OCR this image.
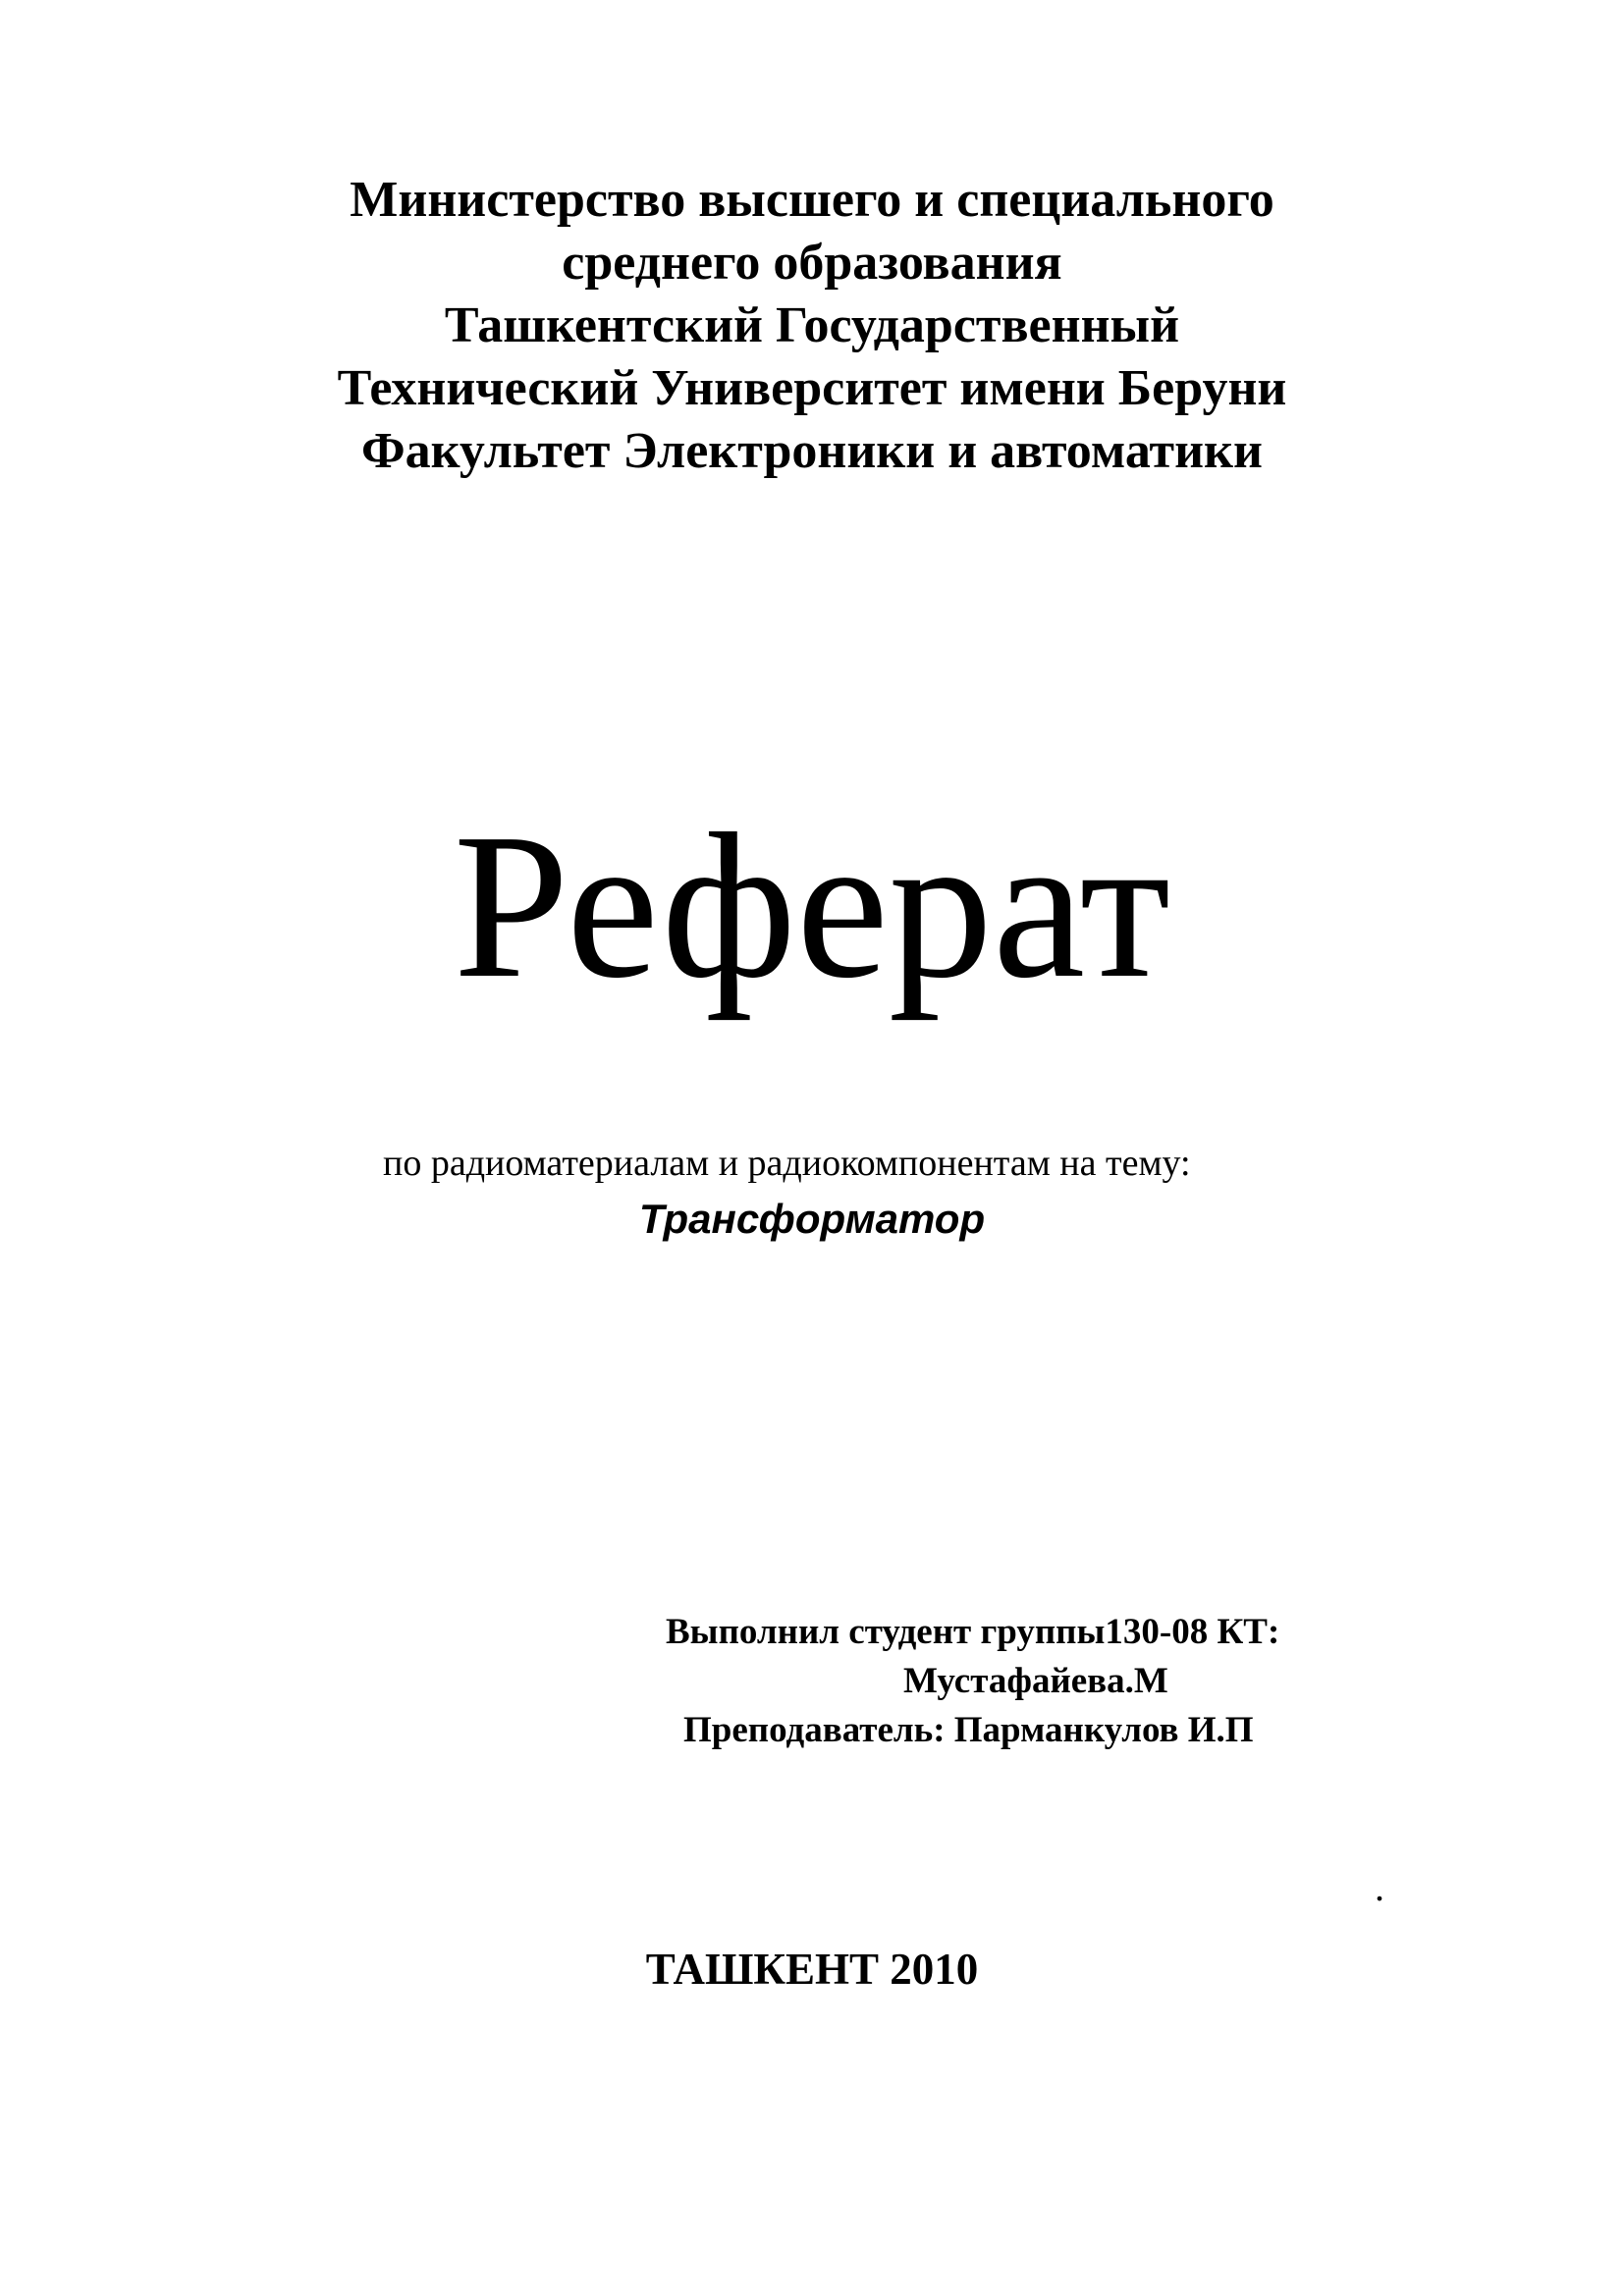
Министерство высшего и специального
среднего образования
Ташкентский Государственный
Технический Университет имени Беруни
Факультет Электроники и автоматики
Реферат
по радиоматериалам и радиокомпонентам на тему:
Трансформатор
Выполнил студент группы130-08 КТ:
Мустафайева.М
Преподаватель: Парманкулов И.П
.
ТАШКЕНТ 2010
